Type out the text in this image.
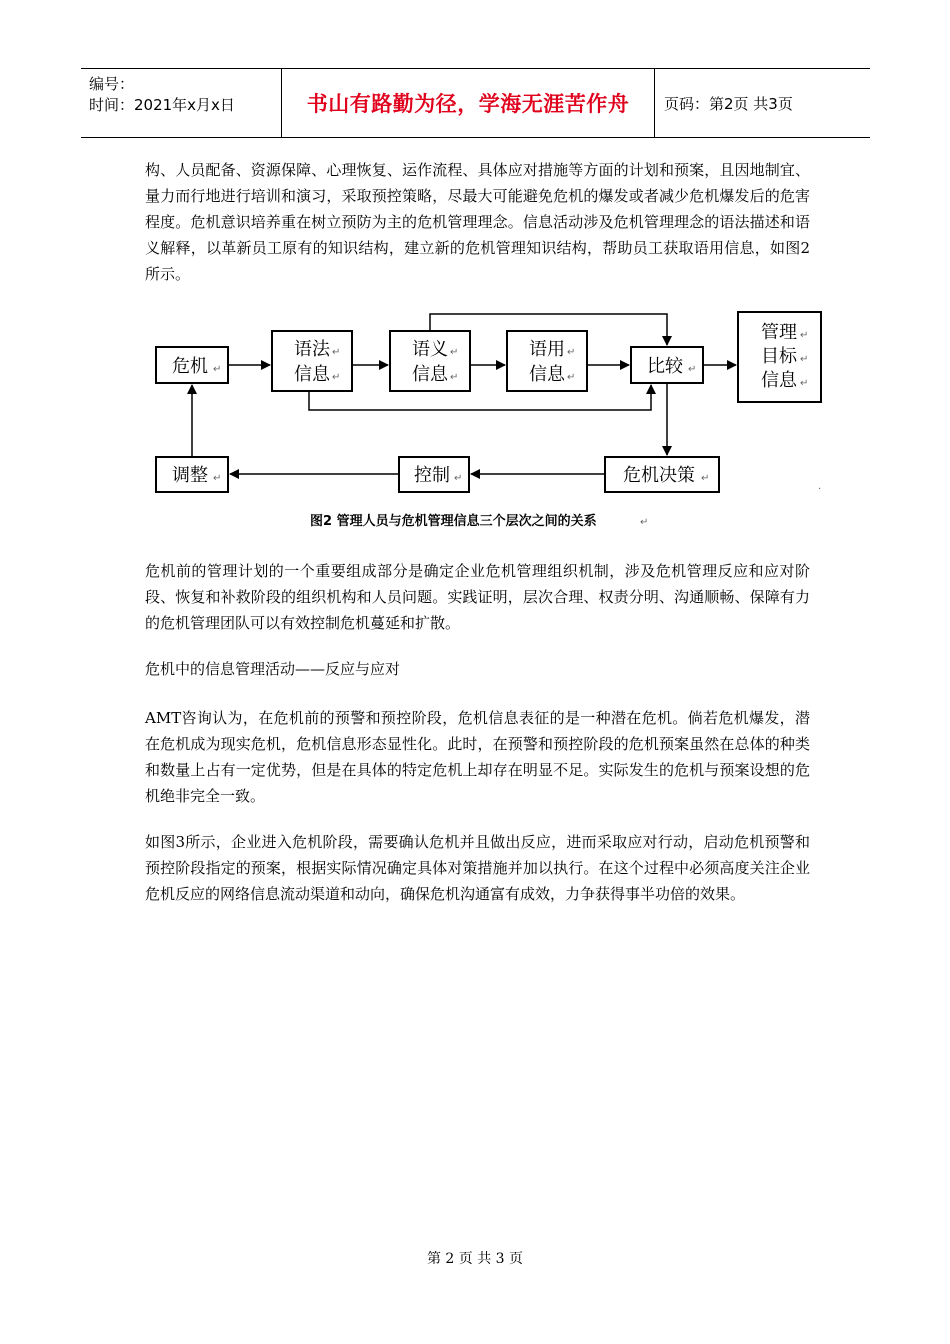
编号：
时间：2021年x月x日	书山有路勤为径，学海无涯苦作舟 页码：第2页 共3页

构、人员配备、资源保障、心理恢复、运作流程、具体应对措施等方面的计划和预案，且因地制宜、量力而行地进行培训和演习，采取预控策略，尽最大可能避免危机的爆发或者减少危机爆发后的危害程度。危机意识培养重在树立预防为主的危机管理理念。信息活动涉及危机管理理念的语法描述和语义解释，以革新员工原有的知识结构，建立新的危机管理知识结构，帮助员工获取语用信息，如图2所示。

危机 ↵
语法 ↵
信息 ↵
语义 ↵
信息 ↵
语用 ↵
信息 ↵
比较 ↵
管理 ↵
目标 ↵
信息 ↵
调整 ↵	控制 ↵	危机决策 ↵
·
图2 管理人员与危机管理信息三个层次之间的关系	↵

危机前的管理计划的一个重要组成部分是确定企业危机管理组织机制，涉及危机管理反应和应对阶段、恢复和补救阶段的组织机构和人员问题。实践证明，层次合理、权责分明、沟通顺畅、保障有力的危机管理团队可以有效控制危机蔓延和扩散。

危机中的信息管理活动——反应与应对

AMT咨询认为，在危机前的预警和预控阶段，危机信息表征的是一种潜在危机。倘若危机爆发，潜在危机成为现实危机，危机信息形态显性化。此时，在预警和预控阶段的危机预案虽然在总体的种类和数量上占有一定优势，但是在具体的特定危机上却存在明显不足。实际发生的危机与预案设想的危机绝非完全一致。

如图3所示，企业进入危机阶段，需要确认危机并且做出反应，进而采取应对行动，启动危机预警和预控阶段指定的预案，根据实际情况确定具体对策措施并加以执行。在这个过程中必须高度关注企业危机反应的网络信息流动渠道和动向，确保危机沟通富有成效，力争获得事半功倍的效果。

第 2 页 共 3 页
